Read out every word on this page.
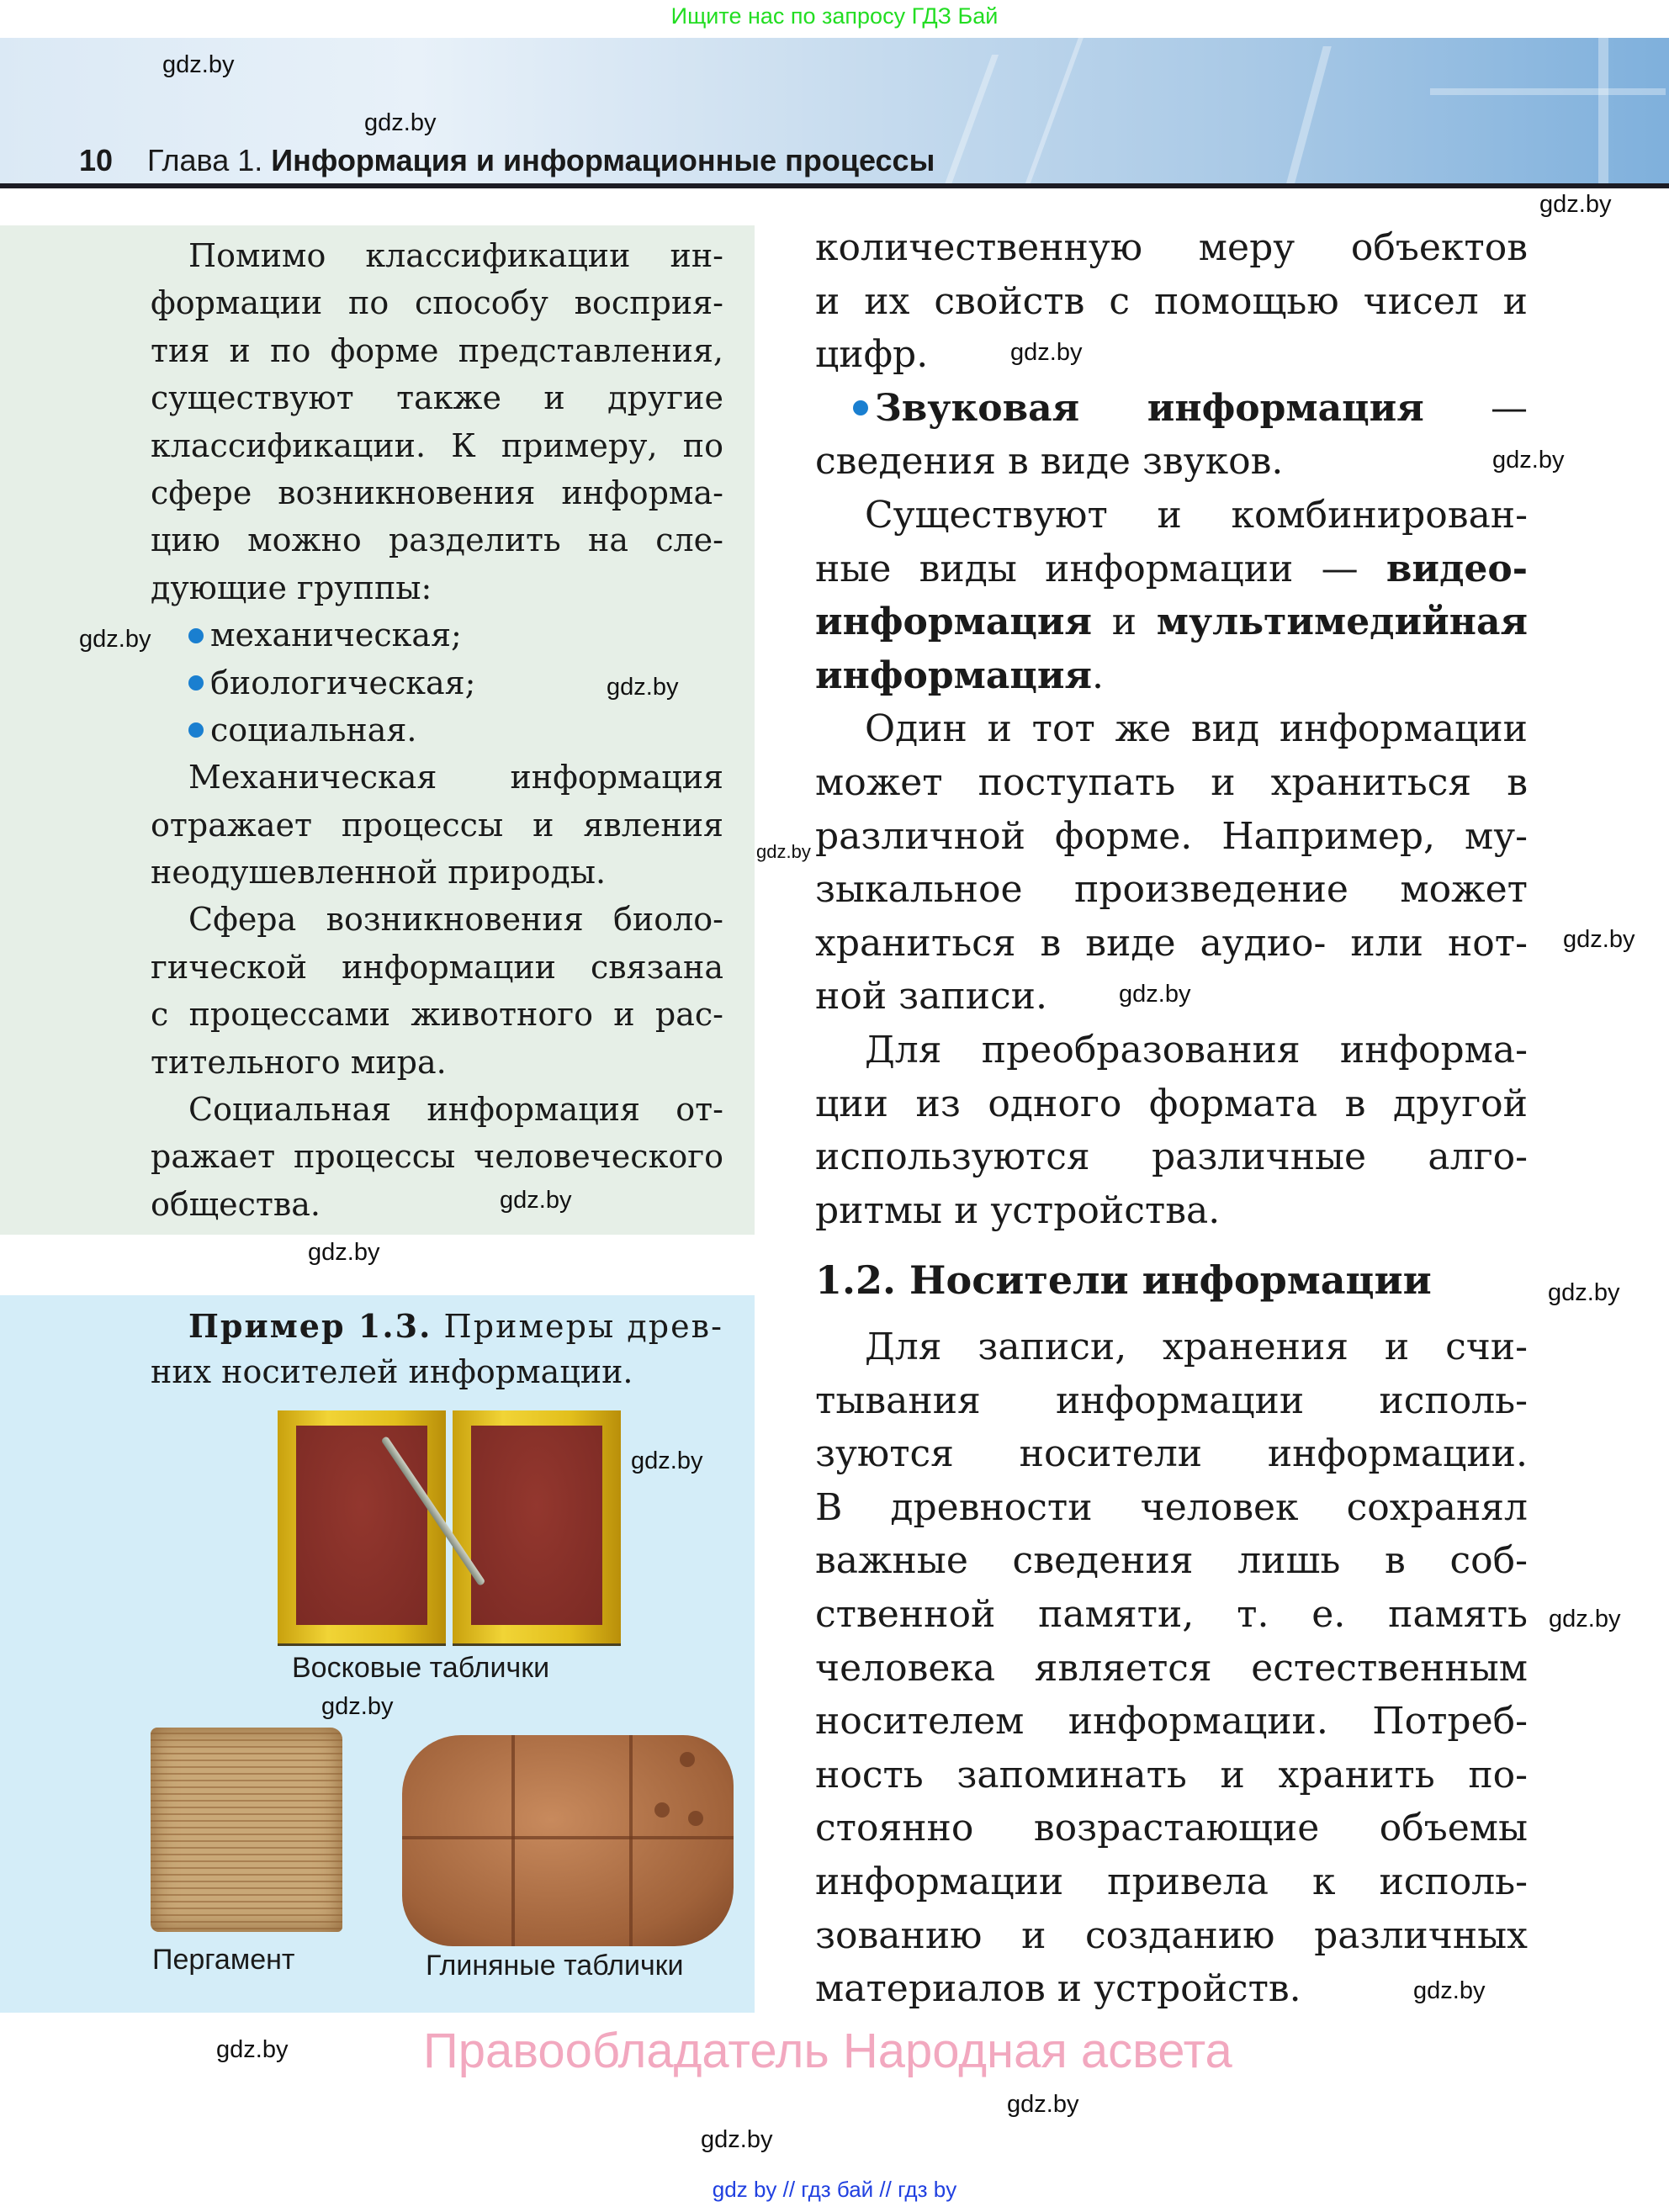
Ищите нас по запросу ГДЗ Бай
10 Глава 1. Информация и информационные процессы
Помимо классификации ин-
формации по способу восприя-
тия и по форме представления,
существуют также и другие
классификации. К примеру, по
сфере возникновения информа-
цию можно разделить на сле-
дующие группы:
механическая;
биологическая;
социальная.
Механическая информация
отражает процессы и явления
неодушевленной природы.
Сфера возникновения биоло-
гической информации связана
с процессами животного и рас-
тительного мира.
Социальная информация от-
ражает процессы человеческого
общества.
Пример 1.3. Примеры древ-
них носителей информации.
Восковые таблички
Пергамент	Глиняные таблички
количественную меру объектов
и их свойств с помощью чисел и
цифр.
Звуковая информация —
сведения в виде звуков.
Существуют и комбинирован-
ные виды информации — видео-
информация и мультимедийная
информация.
Один и тот же вид информации
может поступать и храниться в
различной форме. Например, му-
зыкальное произведение может
храниться в виде аудио- или нот-
ной записи.
Для преобразования информа-
ции из одного формата в другой
используются различные алго-
ритмы и устройства.
1.2. Носители информации
Для записи, хранения и счи-
тывания информации исполь-
зуются носители информации.
В древности человек сохранял
важные сведения лишь в соб-
ственной памяти, т. е. память
человека является естественным
носителем информации. Потреб-
ность запоминать и хранить по-
стоянно возрастающие объемы
информации привела к исполь-
зованию и созданию различных
материалов и устройств.
gdz.by
gdz.by
gdz.by
gdz.by
gdz.by
gdz.by
gdz.by
gdz.by
gdz.by
gdz.by
gdz.by
gdz.by
gdz.by
gdz.by
gdz.by
gdz.by
gdz.by
gdz.by
gdz.by
gdz.by
Правообладатель Народная асвета
gdz by // гдз бай // гдз by
